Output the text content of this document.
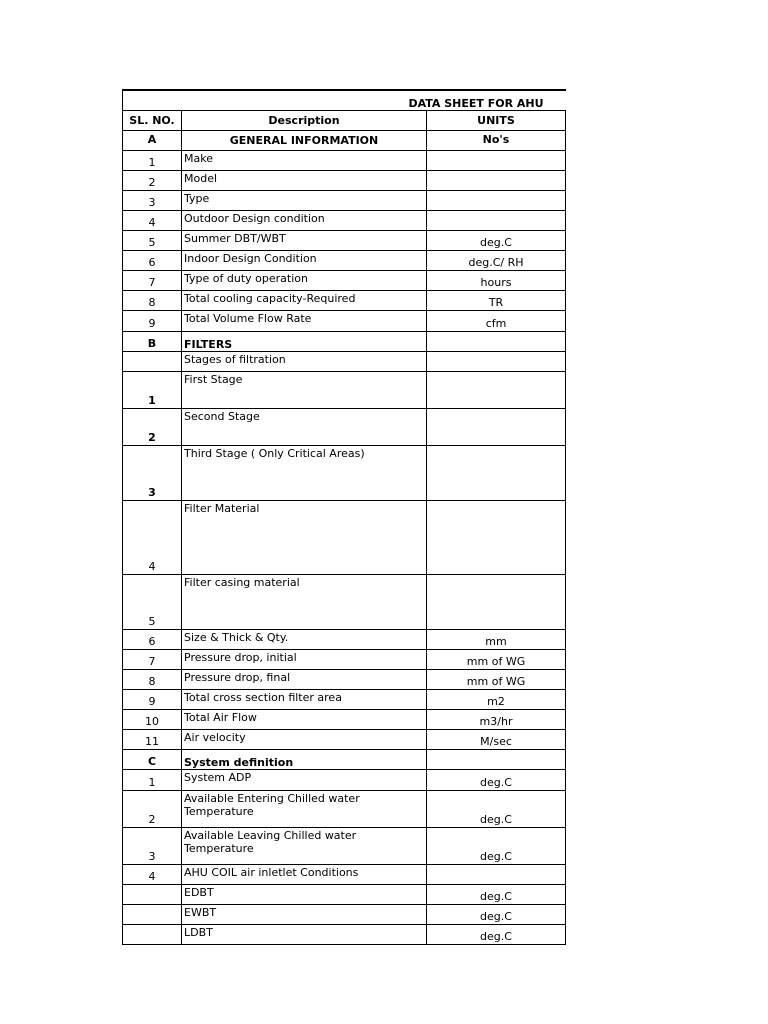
DATA SHEET FOR AHU		
SL. NO.	Description	UNITS
A	GENERAL INFORMATION	No's
1	Make	
2	Model	
3	Type	
4	Outdoor Design condition	
5	Summer DBT/WBT	deg.C
6	Indoor Design Condition	deg.C/ RH
7	Type of duty operation	hours
8	Total cooling capacity-Required	TR
9	Total Volume Flow Rate	cfm
B	FILTERS	
	Stages of filtration	
1	First Stage	
2	Second Stage	
3	Third Stage ( Only Critical Areas)	
4	Filter Material	
5	Filter casing material	
6	Size & Thick & Qty.	mm
7	Pressure drop, initial	mm of WG
8	Pressure drop, final	mm of WG
9	Total cross section filter area	m2
10	Total Air Flow	m3/hr
11	Air velocity	M/sec
C	System definition	
1	System ADP	deg.C
2	Available Entering Chilled water Temperature	deg.C
3	Available Leaving Chilled water Temperature	deg.C
4	AHU COIL air inletlet Conditions	
	EDBT	deg.C
	EWBT	deg.C
	LDBT	deg.C
